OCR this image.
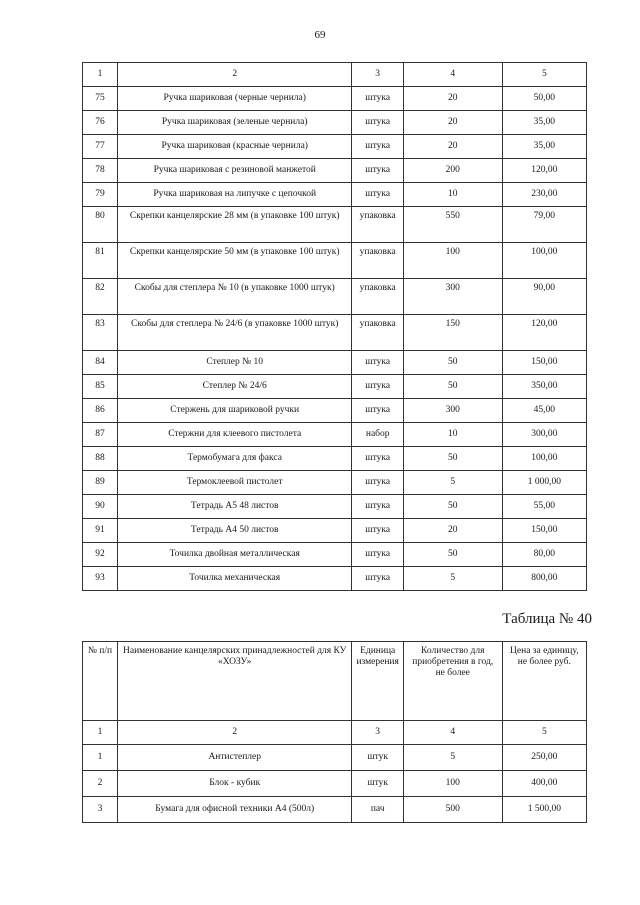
69
1	2	3	4	5
75	Ручка шариковая (черные чернила)	штука	20	50,00
76	Ручка шариковая (зеленые чернила)	штука	20	35,00
77	Ручка шариковая (красные чернила)	штука	20	35,00
78	Ручка шариковая с резиновой манжетой	штука	200	120,00
79	Ручка шариковая на липучке с цепочкой	штука	10	230,00
80	Скрепки канцелярские 28 мм (в упаковке 100 штук)	упаковка	550	79,00
81	Скрепки канцелярские 50 мм (в упаковке 100 штук)	упаковка	100	100,00
82	Скобы для степлера № 10 (в упаковке 1000 штук)	упаковка	300	90,00
83	Скобы для степлера № 24/6 (в упаковке 1000 штук)	упаковка	150	120,00
84	Степлер № 10	штука	50	150,00
85	Степлер № 24/6	штука	50	350,00
86	Стержень для шариковой ручки	штука	300	45,00
87	Стержни для клеевого пистолета	набор	10	300,00
88	Термобумага для факса	штука	50	100,00
89	Термоклеевой пистолет	штука	5	1 000,00
90	Тетрадь А5 48 листов	штука	50	55,00
91	Тетрадь А4 50 листов	штука	20	150,00
92	Точилка двойная металлическая	штука	50	80,00
93	Точилка механическая	штука	5	800,00
Таблица № 40
№ п/п	Наименование канцелярских принадлежностей для КУ «ХОЗУ»	Единица измерения	Количество для приобретения в год, не более	Цена за единицу, не более руб.
1	2	3	4	5
1	Антистеплер	штук	5	250,00
2	Блок - кубик	штук	100	400,00
3	Бумага для офисной техники А4 (500л)	пач	500	1 500,00
